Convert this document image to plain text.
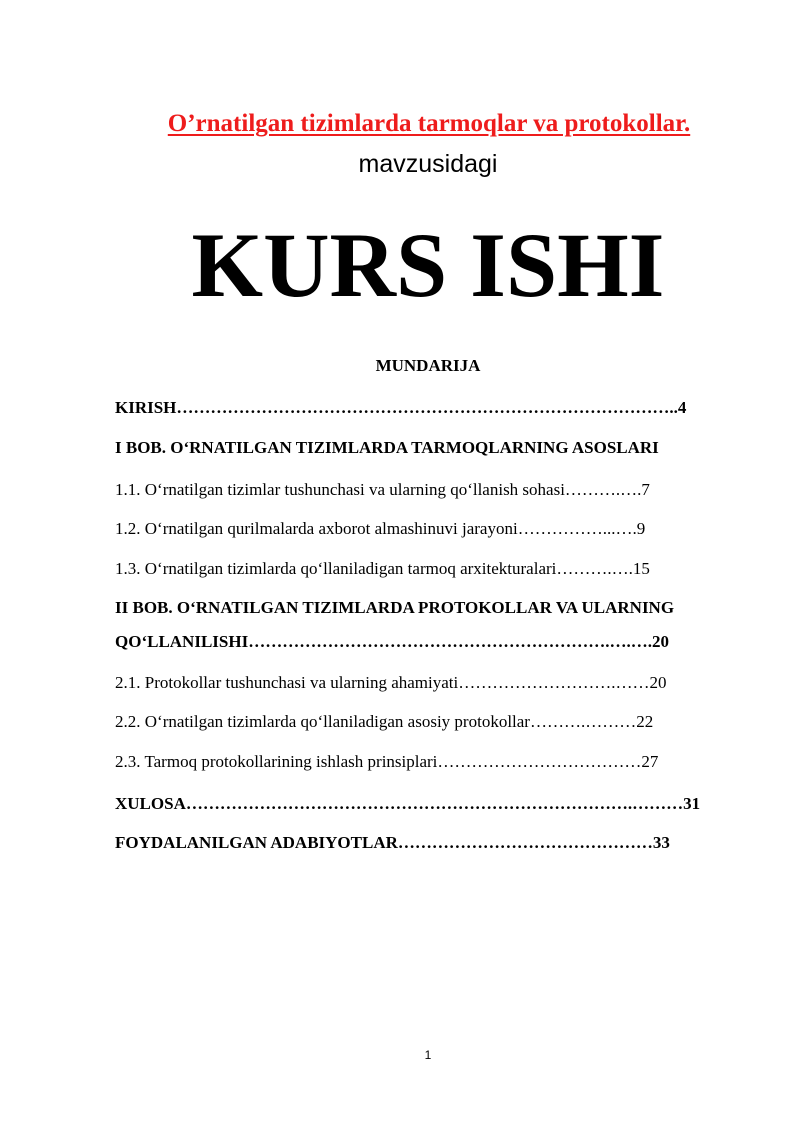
O’rnatilgan tizimlarda tarmoqlar va protokollar.
mavzusidagi
KURS ISHI
MUNDARIJA
KIRISH……………………………………………………………………………..4
I BOB. O‘RNATILGAN TIZIMLARDA TARMOQLARNING ASOSLARI
1.1. O‘rnatilgan tizimlar tushunchasi va ularning qo‘llanish sohasi……….….7
1.2. O‘rnatilgan qurilmalarda axborot almashinuvi jarayoni……………...….9
1.3. O‘rnatilgan tizimlarda qo‘llaniladigan tarmoq arxitekturalari……….….15
II BOB. O‘RNATILGAN TIZIMLARDA PROTOKOLLAR VA ULARNING
QO‘LLANILISHI……………………………………………………….….….20
2.1. Protokollar tushunchasi va ularning ahamiyati……………………….……20
2.2. O‘rnatilgan tizimlarda qo‘llaniladigan asosiy protokollar……….………22
2.3. Tarmoq protokollarining ishlash prinsiplari………………………………27
XULOSA…………………………………………………………………….………31
FOYDALANILGAN ADABIYOTLAR………………………………………33
1
